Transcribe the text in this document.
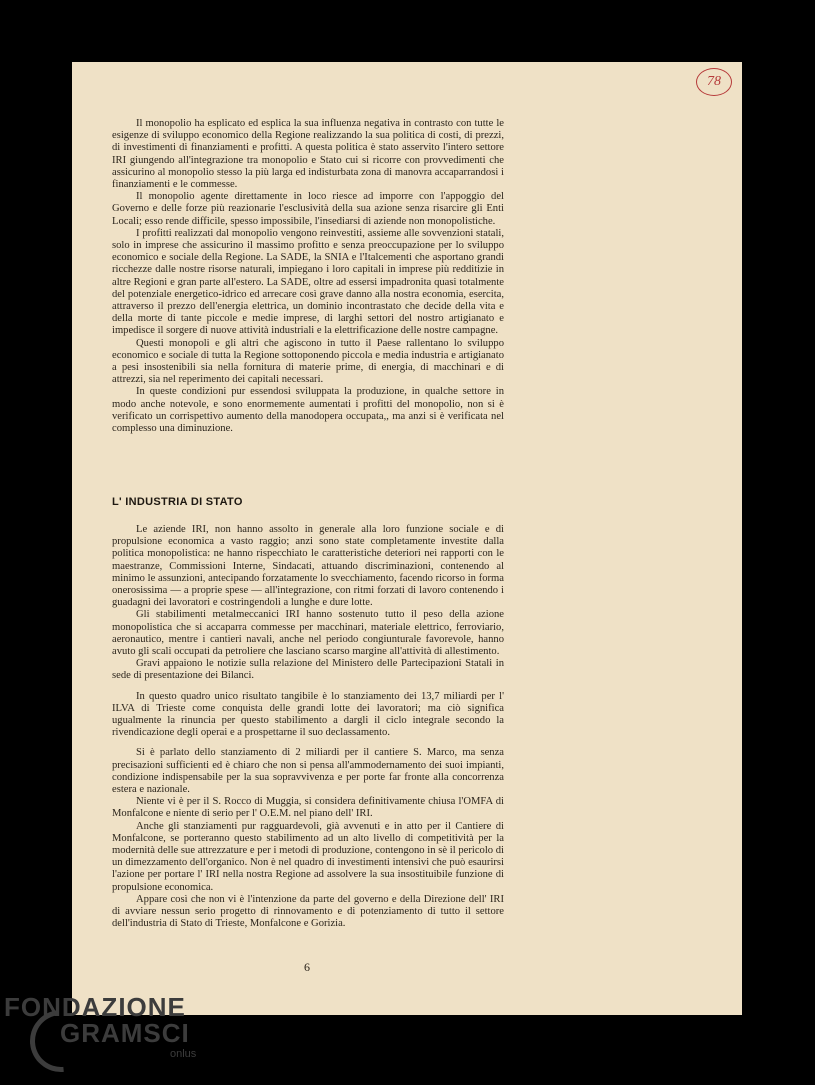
78

Il monopolio ha esplicato ed esplica la sua influenza negativa in contrasto con tutte le esigenze di sviluppo economico della Regione realizzando la sua politica di costi, di prezzi, di investimenti di finanziamenti e profitti. A questa politica è stato asservito l'intero settore IRI giungendo all'integrazione tra monopolio e Stato cui si ricorre con provvedimenti che assicurino al monopolio stesso la più larga ed indisturbata zona di manovra accaparrandosi i finanziamenti e le commesse.

Il monopolio agente direttamente in loco riesce ad imporre con l'appoggio del Governo e delle forze più reazionarie l'esclusività della sua azione senza risarcire gli Enti Locali; esso rende difficile, spesso impossibile, l'insediarsi di aziende non monopolistiche.

I profitti realizzati dal monopolio vengono reinvestiti, assieme alle sovvenzioni statali, solo in imprese che assicurino il massimo profitto e senza preoccupazione per lo sviluppo economico e sociale della Regione. La SADE, la SNIA e l'Italcementi che asportano grandi ricchezze dalle nostre risorse naturali, impiegano i loro capitali in imprese più redditizie in altre Regioni e gran parte all'estero. La SADE, oltre ad essersi impadronita quasi totalmente del potenziale energetico-idrico ed arrecare così grave danno alla nostra economia, esercita, attraverso il prezzo dell'energia elettrica, un dominio incontrastato che decide della vita e della morte di tante piccole e medie imprese, di larghi settori del nostro artigianato e impedisce il sorgere di nuove attività industriali e la elettrificazione delle nostre campagne.

Questi monopoli e gli altri che agiscono in tutto il Paese rallentano lo sviluppo economico e sociale di tutta la Regione sottoponendo piccola e media industria e artigianato a pesi insostenibili sia nella fornitura di materie prime, di energia, di macchinari e di attrezzi, sia nel reperimento dei capitali necessari.

In queste condizioni pur essendosi sviluppata la produzione, in qualche settore in modo anche notevole, e sono enormemente aumentati i profitti del monopolio, non si è verificato un corrispettivo aumento della manodopera occupata,, ma anzi si è verificata nel complesso una diminuzione.

L' INDUSTRIA DI STATO

Le aziende IRI, non hanno assolto in generale alla loro funzione sociale e di propulsione economica a vasto raggio; anzi sono state completamente investite dalla politica monopolistica: ne hanno rispecchiato le caratteristiche deteriori nei rapporti con le maestranze, Commissioni Interne, Sindacati, attuando discriminazioni, contenendo al minimo le assunzioni, antecipando forzatamente lo svecchiamento, facendo ricorso in forma onerosissima — a proprie spese — all'integrazione, con ritmi forzati di lavoro contenendo i guadagni dei lavoratori e costringendoli a lunghe e dure lotte.

Gli stabilimenti metalmeccanici IRI hanno sostenuto tutto il peso della azione monopolistica che si accaparra commesse per macchinari, materiale elettrico, ferroviario, aeronautico, mentre i cantieri navali, anche nel periodo congiunturale favorevole, hanno avuto gli scali occupati da petroliere che lasciano scarso margine all'attività di allestimento.

Gravi appaiono le notizie sulla relazione del Ministero delle Partecipazioni Statali in sede di presentazione dei Bilanci.

In questo quadro unico risultato tangibile è lo stanziamento dei 13,7 miliardi per l' ILVA di Trieste come conquista delle grandi lotte dei lavoratori; ma ciò significa ugualmente la rinuncia per questo stabilimento a dargli il ciclo integrale secondo la rivendicazione degli operai e a prospettarne il suo declassamento.

Si è parlato dello stanziamento di 2 miliardi per il cantiere S. Marco, ma senza precisazioni sufficienti ed è chiaro che non si pensa all'ammodernamento dei suoi impianti, condizione indispensabile per la sua sopravvivenza e per porte far fronte alla concorrenza estera e nazionale.

Niente vi è per il S. Rocco di Muggia, si considera definitivamente chiusa l'OMFA di Monfalcone e niente di serio per l' O.E.M. nel piano dell' IRI.

Anche gli stanziamenti pur ragguardevoli, già avvenuti e in atto per il Cantiere di Monfalcone, se porteranno questo stabilimento ad un alto livello di competitività per la modernità delle sue attrezzature e per i metodi di produzione, contengono in sè il pericolo di un dimezzamento dell'organico. Non è nel quadro di investimenti intensivi che può esaurirsi l'azione per portare l' IRI nella nostra Regione ad assolvere la sua insostituibile funzione di propulsione economica.

Appare così che non vi è l'intenzione da parte del governo e della Direzione dell' IRI di avviare nessun serio progetto di rinnovamento e di potenziamento di tutto il settore dell'industria di Stato di Trieste, Monfalcone e Gorizia.

6
FONDAZIONE
GRAMSCI
onlus
